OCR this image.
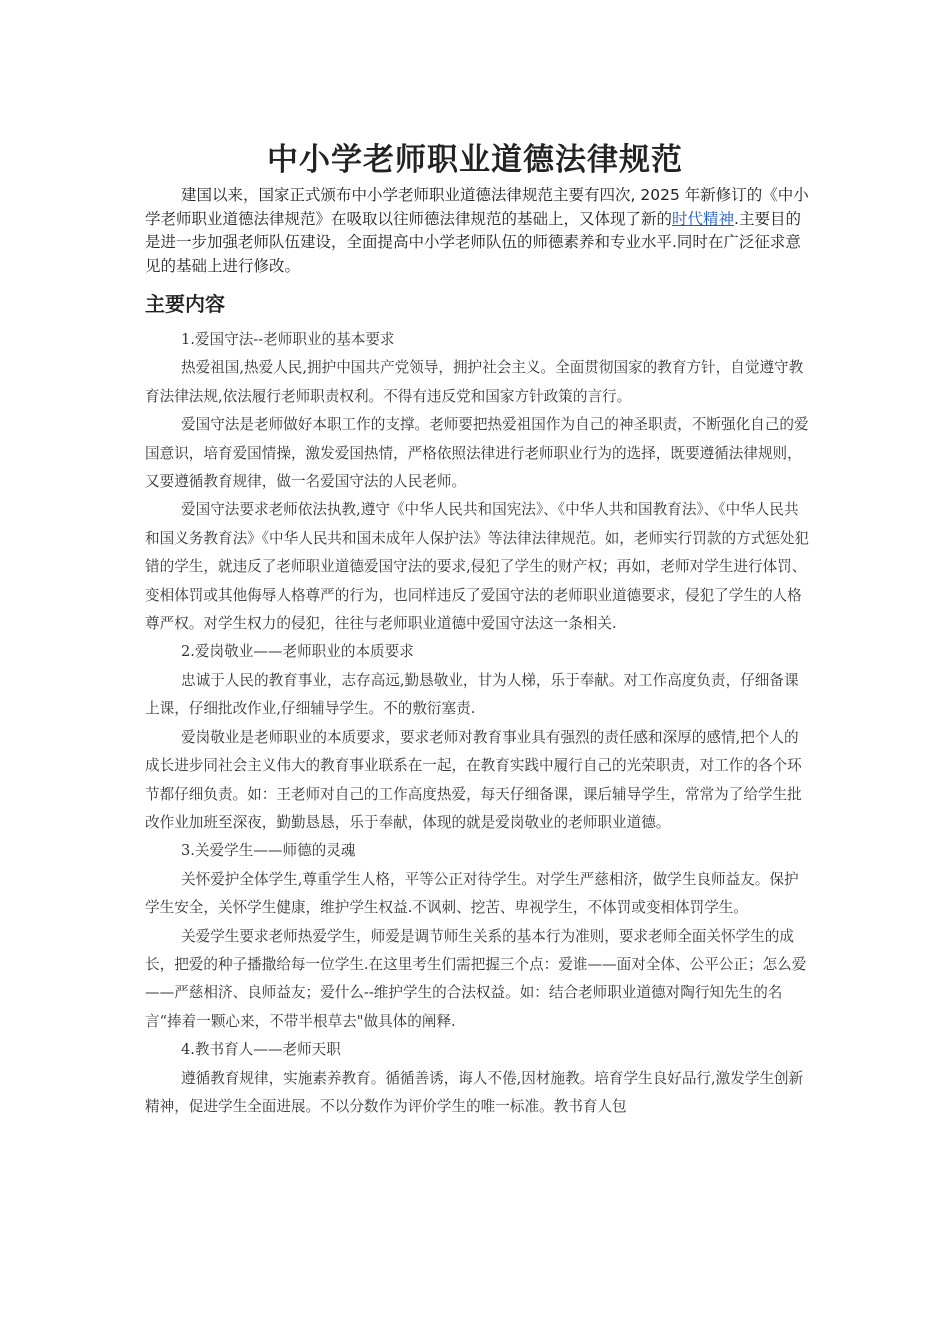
中小学老师职业道德法律规范

建国以来，国家正式颁布中小学老师职业道德法律规范主要有四次, 2025 年新修订的《中小学老师职业道德法律规范》在吸取以往师德法律规范的基础上，又体现了新的时代精神.主要目的是进一步加强老师队伍建设，全面提高中小学老师队伍的师德素养和专业水平.同时在广泛征求意见的基础上进行修改。

主要内容

1.爱国守法--老师职业的基本要求

热爱祖国,热爱人民,拥护中国共产党领导，拥护社会主义。全面贯彻国家的教育方针，自觉遵守教育法律法规,依法履行老师职责权利。不得有违反党和国家方针政策的言行。

爱国守法是老师做好本职工作的支撑。老师要把热爱祖国作为自己的神圣职责，不断强化自己的爱国意识，培育爱国情操，激发爱国热情，严格依照法律进行老师职业行为的选择，既要遵循法律规则，又要遵循教育规律，做一名爱国守法的人民老师。

爱国守法要求老师依法执教,遵守《中华人民共和国宪法》、《中华人共和国教育法》、《中华人民共和国义务教育法》《中华人民共和国未成年人保护法》等法律法律规范。如，老师实行罚款的方式惩处犯错的学生，就违反了老师职业道德爱国守法的要求,侵犯了学生的财产权；再如，老师对学生进行体罚、变相体罚或其他侮辱人格尊严的行为，也同样违反了爱国守法的老师职业道德要求，侵犯了学生的人格尊严权。对学生权力的侵犯，往往与老师职业道德中爱国守法这一条相关.

2.爱岗敬业——老师职业的本质要求

忠诚于人民的教育事业，志存高远,勤恳敬业，甘为人梯，乐于奉献。对工作高度负责，仔细备课上课，仔细批改作业,仔细辅导学生。不的敷衍塞责.

爱岗敬业是老师职业的本质要求，要求老师对教育事业具有强烈的责任感和深厚的感情,把个人的成长进步同社会主义伟大的教育事业联系在一起，在教育实践中履行自己的光荣职责，对工作的各个环节都仔细负责。如：王老师对自己的工作高度热爱，每天仔细备课，课后辅导学生，常常为了给学生批改作业加班至深夜，勤勤恳恳，乐于奉献，体现的就是爱岗敬业的老师职业道德。

3.关爱学生——师德的灵魂

关怀爱护全体学生,尊重学生人格，平等公正对待学生。对学生严慈相济，做学生良师益友。保护学生安全，关怀学生健康，维护学生权益.不讽刺、挖苦、卑视学生，不体罚或变相体罚学生。

关爱学生要求老师热爱学生，师爱是调节师生关系的基本行为准则，要求老师全面关怀学生的成长，把爱的种子播撒给每一位学生.在这里考生们需把握三个点：爱谁——面对全体、公平公正；怎么爱——严慈相济、良师益友；爱什么--维护学生的合法权益。如：结合老师职业道德对陶行知先生的名言“捧着一颗心来，不带半根草去"做具体的阐释.

4.教书育人——老师天职

遵循教育规律，实施素养教育。循循善诱，诲人不倦,因材施教。培育学生良好品行,激发学生创新精神，促进学生全面进展。不以分数作为评价学生的唯一标准。教书育人包
